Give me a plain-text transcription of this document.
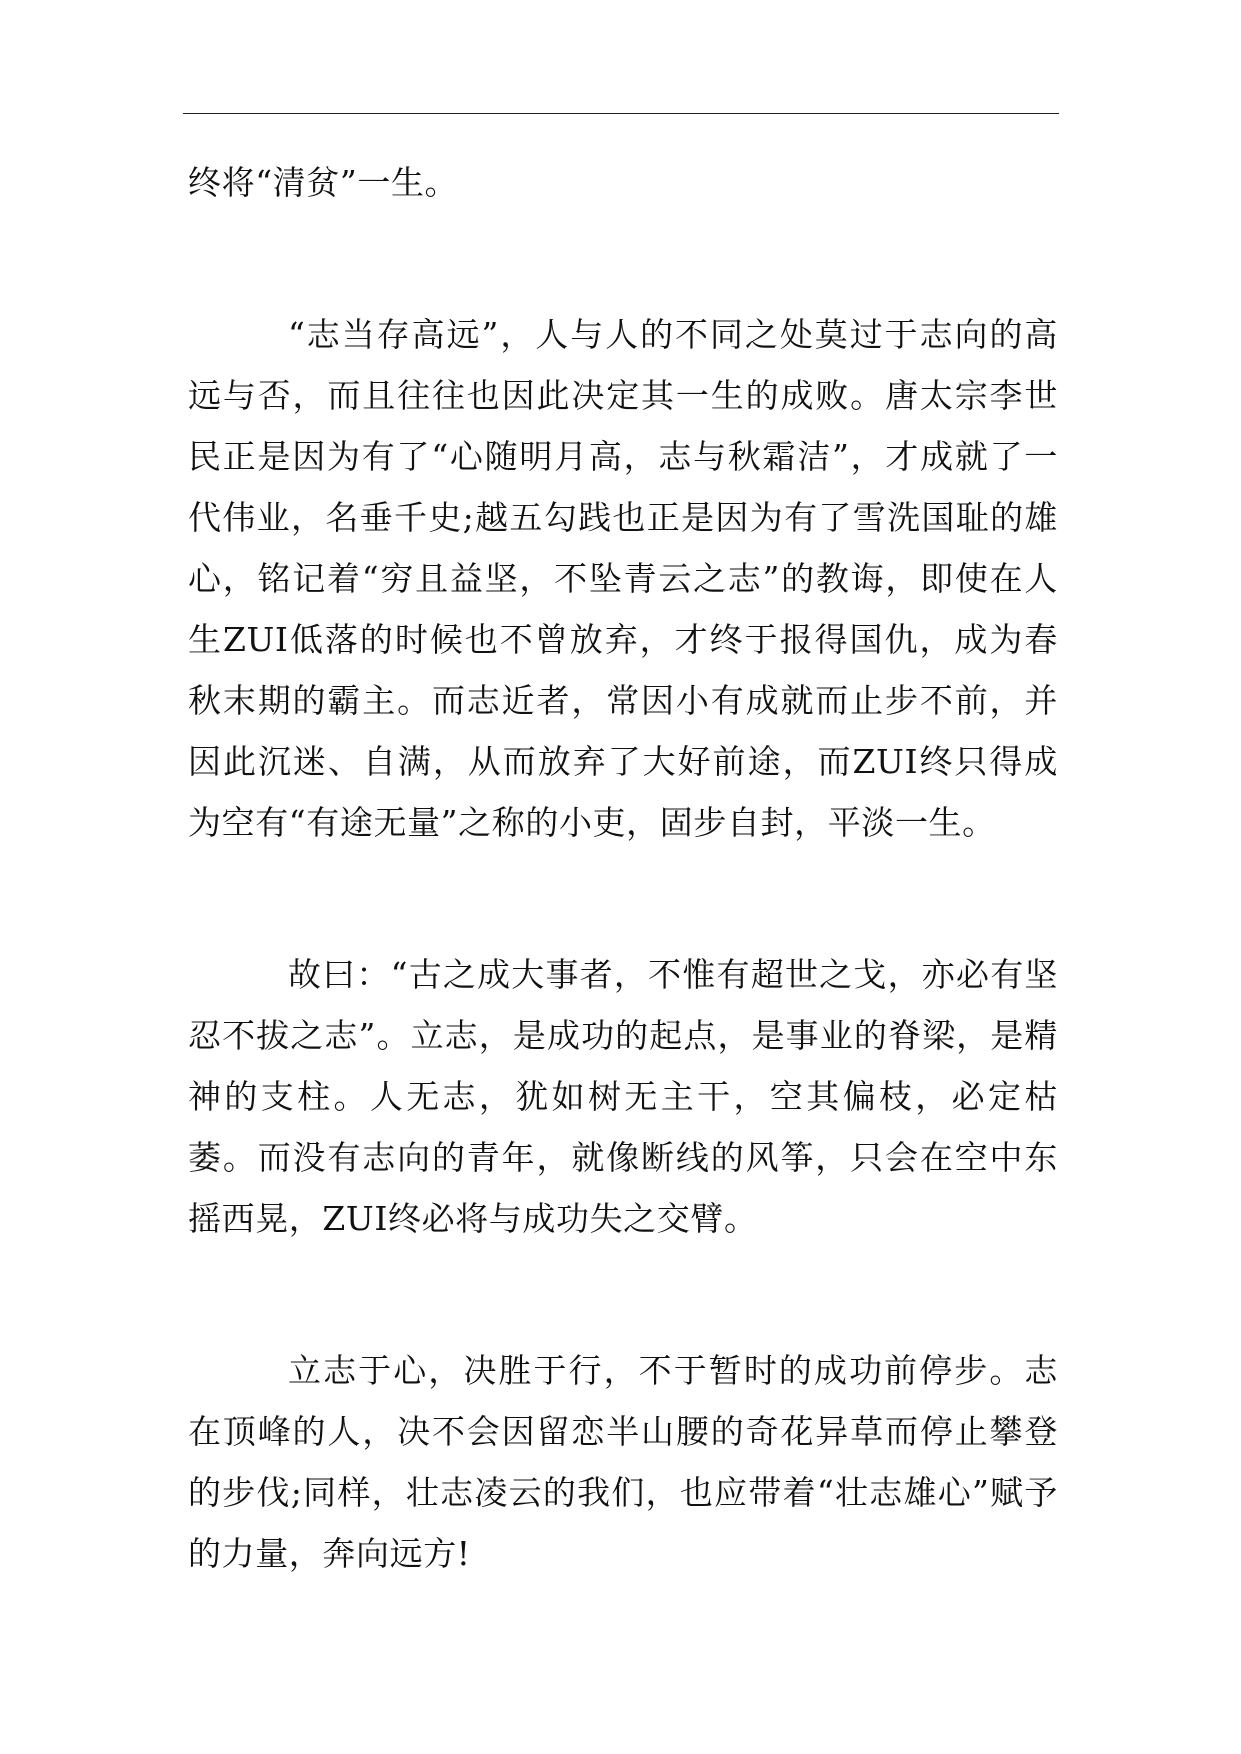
终将“清贫”一生。

“志当存高远”，人与人的不同之处莫过于志向的高远与否，而且往往也因此决定其一生的成败。唐太宗李世民正是因为有了“心随明月高，志与秋霜洁”，才成就了一代伟业，名垂千史;越五勾践也正是因为有了雪洗国耻的雄心，铭记着“穷且益坚，不坠青云之志”的教诲，即使在人生ZUI低落的时候也不曾放弃，才终于报得国仇，成为春秋末期的霸主。而志近者，常因小有成就而止步不前，并因此沉迷、自满，从而放弃了大好前途，而ZUI终只得成为空有“有途无量”之称的小吏，固步自封，平淡一生。

故曰：“古之成大事者，不惟有超世之戈，亦必有坚忍不拔之志”。立志，是成功的起点，是事业的脊梁，是精神的支柱。人无志，犹如树无主干，空其偏枝，必定枯萎。而没有志向的青年，就像断线的风筝，只会在空中东摇西晃，ZUI终必将与成功失之交臂。

立志于心，决胜于行，不于暂时的成功前停步。志在顶峰的人，决不会因留恋半山腰的奇花异草而停止攀登的步伐;同样，壮志凌云的我们，也应带着“壮志雄心”赋予的力量，奔向远方!
